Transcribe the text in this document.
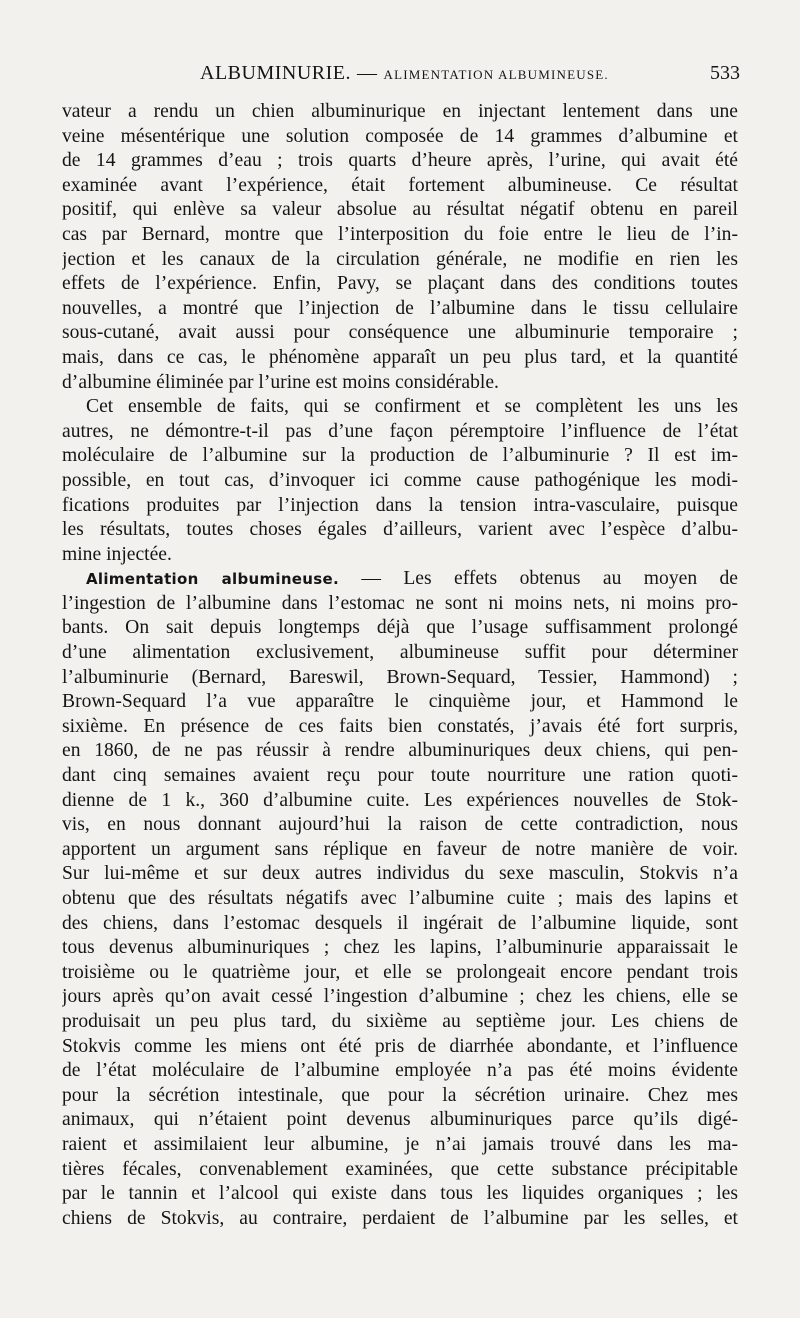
ALBUMINURIE. — ALIMENTATION ALBUMINEUSE.	533
vateur a rendu un chien albuminurique en injectant lentement dans une
veine mésentérique une solution composée de 14 grammes d’albumine et
de 14 grammes d’eau ; trois quarts d’heure après, l’urine, qui avait été
examinée avant l’expérience, était fortement albumineuse. Ce résultat
positif, qui enlève sa valeur absolue au résultat négatif obtenu en pareil
cas par Bernard, montre que l’interposition du foie entre le lieu de l’in-
jection et les canaux de la circulation générale, ne modifie en rien les
effets de l’expérience. Enfin, Pavy, se plaçant dans des conditions toutes
nouvelles, a montré que l’injection de l’albumine dans le tissu cellulaire
sous-cutané, avait aussi pour conséquence une albuminurie temporaire ;
mais, dans ce cas, le phénomène apparaît un peu plus tard, et la quantité
d’albumine éliminée par l’urine est moins considérable.
Cet ensemble de faits, qui se confirment et se complètent les uns les
autres, ne démontre-t-il pas d’une façon péremptoire l’influence de l’état
moléculaire de l’albumine sur la production de l’albuminurie ? Il est im-
possible, en tout cas, d’invoquer ici comme cause pathogénique les modi-
fications produites par l’injection dans la tension intra-vasculaire, puisque
les résultats, toutes choses égales d’ailleurs, varient avec l’espèce d’albu-
mine injectée.
Alimentation albumineuse. — Les effets obtenus au moyen de
l’ingestion de l’albumine dans l’estomac ne sont ni moins nets, ni moins pro-
bants. On sait depuis longtemps déjà que l’usage suffisamment prolongé
d’une alimentation exclusivement, albumineuse suffit pour déterminer
l’albuminurie (Bernard, Bareswil, Brown-Sequard, Tessier, Hammond) ;
Brown-Sequard l’a vue apparaître le cinquième jour, et Hammond le
sixième. En présence de ces faits bien constatés, j’avais été fort surpris,
en 1860, de ne pas réussir à rendre albuminuriques deux chiens, qui pen-
dant cinq semaines avaient reçu pour toute nourriture une ration quoti-
dienne de 1 k., 360 d’albumine cuite. Les expériences nouvelles de Stok-
vis, en nous donnant aujourd’hui la raison de cette contradiction, nous
apportent un argument sans réplique en faveur de notre manière de voir.
Sur lui-même et sur deux autres individus du sexe masculin, Stokvis n’a
obtenu que des résultats négatifs avec l’albumine cuite ; mais des lapins et
des chiens, dans l’estomac desquels il ingérait de l’albumine liquide, sont
tous devenus albuminuriques ; chez les lapins, l’albuminurie apparaissait le
troisième ou le quatrième jour, et elle se prolongeait encore pendant trois
jours après qu’on avait cessé l’ingestion d’albumine ; chez les chiens, elle se
produisait un peu plus tard, du sixième au septième jour. Les chiens de
Stokvis comme les miens ont été pris de diarrhée abondante, et l’influence
de l’état moléculaire de l’albumine employée n’a pas été moins évidente
pour la sécrétion intestinale, que pour la sécrétion urinaire. Chez mes
animaux, qui n’étaient point devenus albuminuriques parce qu’ils digé-
raient et assimilaient leur albumine, je n’ai jamais trouvé dans les ma-
tières fécales, convenablement examinées, que cette substance précipitable
par le tannin et l’alcool qui existe dans tous les liquides organiques ; les
chiens de Stokvis, au contraire, perdaient de l’albumine par les selles, et
